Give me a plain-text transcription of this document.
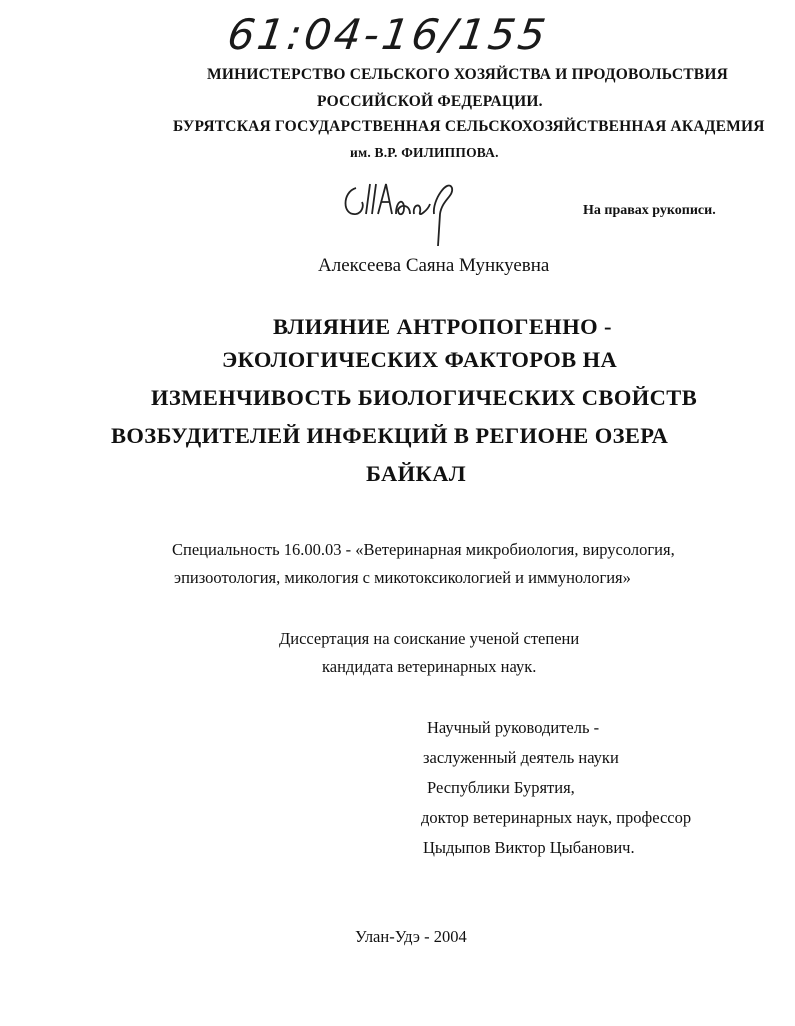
61:04-16/155
МИНИСТЕРСТВО СЕЛЬСКОГО ХОЗЯЙСТВА И ПРОДОВОЛЬСТВИЯ
РОССИЙСКОЙ ФЕДЕРАЦИИ.
БУРЯТСКАЯ ГОСУДАРСТВЕННАЯ СЕЛЬСКОХОЗЯЙСТВЕННАЯ АКАДЕМИЯ
им. В.Р. ФИЛИППОВА.
На правах рукописи.
Алексеева Саяна Мункуевна
ВЛИЯНИЕ АНТРОПОГЕННО -
ЭКОЛОГИЧЕСКИХ ФАКТОРОВ НА
ИЗМЕНЧИВОСТЬ БИОЛОГИЧЕСКИХ СВОЙСТВ
ВОЗБУДИТЕЛЕЙ ИНФЕКЦИЙ В РЕГИОНЕ ОЗЕРА
БАЙКАЛ
Специальность 16.00.03 - «Ветеринарная микробиология, вирусология,
эпизоотология, микология с микотоксикологией и иммунология»
Диссертация на соискание ученой степени
кандидата ветеринарных наук.
Научный руководитель -
заслуженный деятель науки
Республики Бурятия,
доктор ветеринарных наук, профессор
Цыдыпов Виктор Цыбанович.
Улан-Удэ - 2004
